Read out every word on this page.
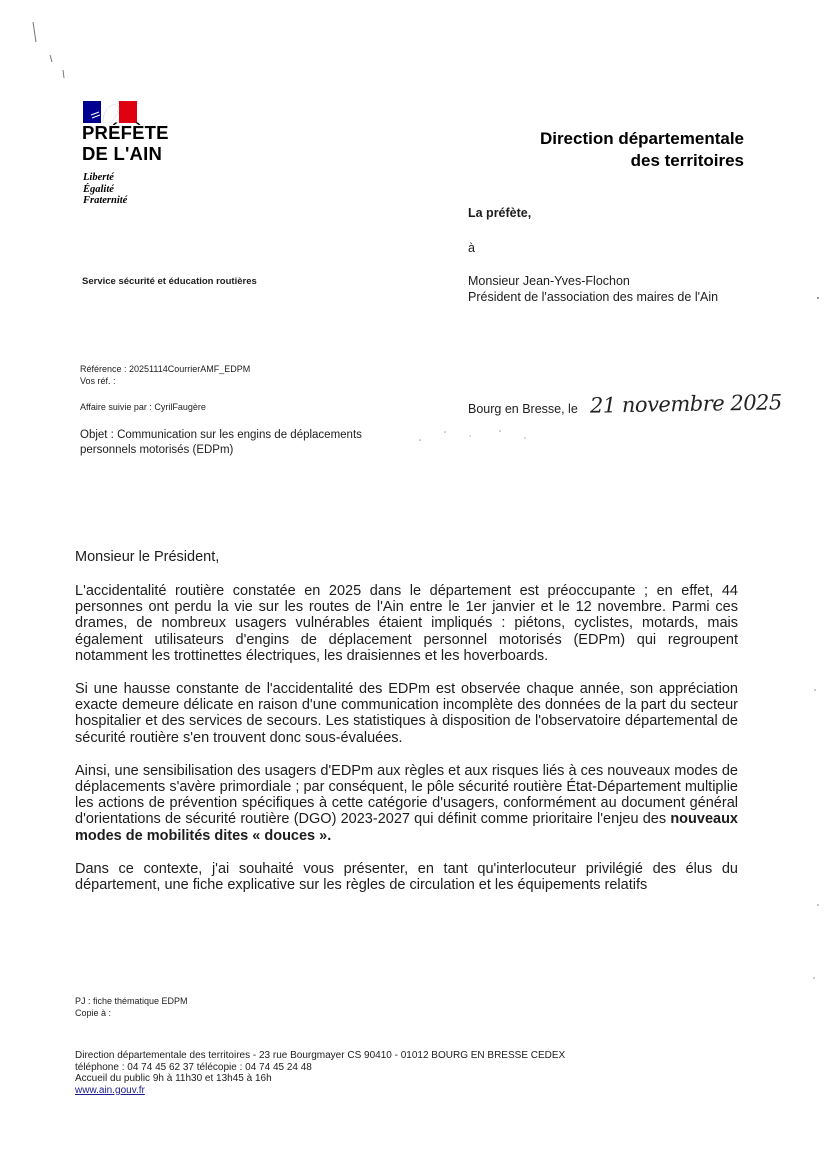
PRÉFÈTE
DE L'AIN
Liberté
Égalité
Fraternité
Direction départementale
des territoires
La préfète,
à
Monsieur Jean-Yves-Flochon
Président de l'association des maires de l'Ain
Service sécurité et éducation routières
Référence : 20251114CourrierAMF_EDPM
Vos réf. :
Affaire suivie par : CyrilFaugère
Objet : Communication sur les engins de déplacements personnels motorisés (EDPm)
Bourg en Bresse, le 21 novembre 2025
Monsieur le Président,

L'accidentalité routière constatée en 2025 dans le département est préoccupante ; en effet, 44 personnes ont perdu la vie sur les routes de l'Ain entre le 1er janvier et le 12 novembre. Parmi ces drames, de nombreux usagers vulnérables étaient impliqués : piétons, cyclistes, motards, mais également utilisateurs d'engins de déplacement personnel motorisés (EDPm) qui regroupent notamment les trottinettes électriques, les draisiennes et les hoverboards.

Si une hausse constante de l'accidentalité des EDPm est observée chaque année, son appréciation exacte demeure délicate en raison d'une communication incomplète des données de la part du secteur hospitalier et des services de secours. Les statistiques à disposition de l'observatoire départemental de sécurité routière s'en trouvent donc sous-évaluées.

Ainsi, une sensibilisation des usagers d'EDPm aux règles et aux risques liés à ces nouveaux modes de déplacements s'avère primordiale ; par conséquent, le pôle sécurité routière État-Département multiplie les actions de prévention spécifiques à cette catégorie d'usagers, conformément au document général d'orientations de sécurité routière (DGO) 2023-2027 qui définit comme prioritaire l'enjeu des nouveaux modes de mobilités dites « douces ».

Dans ce contexte, j'ai souhaité vous présenter, en tant qu'interlocuteur privilégié des élus du département, une fiche explicative sur les règles de circulation et les équipements relatifs

PJ : fiche thématique EDPM
Copie à :
Direction départementale des territoires - 23 rue Bourgmayer CS 90410 - 01012 BOURG EN BRESSE CEDEX
téléphone : 04 74 45 62 37 télécopie : 04 74 45 24 48
Accueil du public 9h à 11h30 et 13h45 à 16h
www.ain.gouv.fr
